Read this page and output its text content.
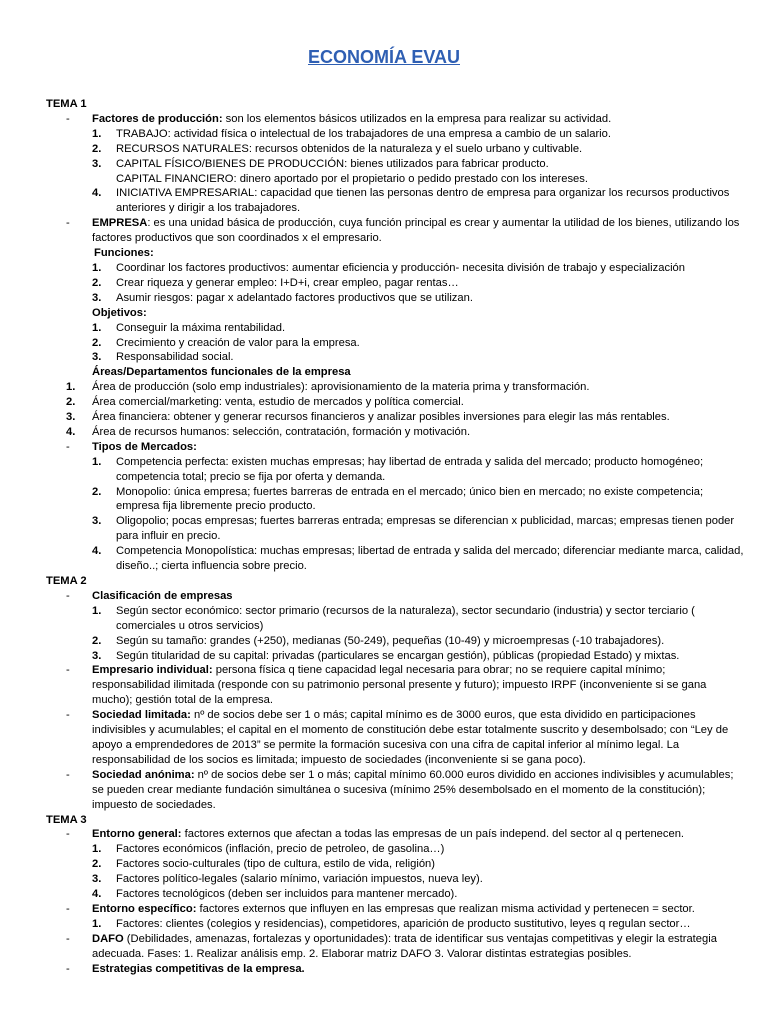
ECONOMÍA EVAU
TEMA 1
- Factores de producción: son los elementos básicos utilizados en la empresa para realizar su actividad.
1. TRABAJO: actividad física o intelectual de los trabajadores de una empresa a cambio de un salario.
2. RECURSOS NATURALES: recursos obtenidos de la naturaleza y el suelo urbano y cultivable.
3. CAPITAL FÍSICO/BIENES DE PRODUCCIÓN: bienes utilizados para fabricar producto.
CAPITAL FINANCIERO: dinero aportado por el propietario o pedido prestado con los intereses.
4. INICIATIVA EMPRESARIAL: capacidad que tienen las personas dentro de empresa para organizar los recursos productivos anteriores y dirigir a los trabajadores.
- EMPRESA: es una unidad básica de producción, cuya función principal es crear y aumentar la utilidad de los bienes, utilizando los factores productivos que son coordinados x el empresario.
Funciones:
1. Coordinar los factores productivos: aumentar eficiencia y producción- necesita división de trabajo y especialización
2. Crear riqueza y generar empleo: I+D+i, crear empleo, pagar rentas…
3. Asumir riesgos: pagar x adelantado factores productivos que se utilizan.
Objetivos:
1. Conseguir la máxima rentabilidad.
2. Crecimiento y creación de valor para la empresa.
3. Responsabilidad social.
Áreas/Departamentos funcionales de la empresa
1. Área de producción (solo emp industriales): aprovisionamiento de la materia prima y transformación.
2. Área comercial/marketing: venta, estudio de mercados y política comercial.
3. Área financiera: obtener y generar recursos financieros y analizar posibles inversiones para elegir las más rentables.
4. Área de recursos humanos: selección, contratación, formación y motivación.
- Tipos de Mercados:
1. Competencia perfecta: existen muchas empresas; hay libertad de entrada y salida del mercado; producto homogéneo; competencia total; precio se fija por oferta y demanda.
2. Monopolio: única empresa; fuertes barreras de entrada en el mercado; único bien en mercado; no existe competencia; empresa fija libremente precio producto.
3. Oligopolio; pocas empresas; fuertes barreras entrada; empresas se diferencian x publicidad, marcas; empresas tienen poder para influir en precio.
4. Competencia Monopolística: muchas empresas; libertad de entrada y salida del mercado; diferenciar mediante marca, calidad, diseño..; cierta influencia sobre precio.
TEMA 2
- Clasificación de empresas
1. Según sector económico: sector primario (recursos de la naturaleza), sector secundario (industria) y sector terciario ( comerciales u otros servicios)
2. Según su tamaño: grandes (+250), medianas (50-249), pequeñas (10-49) y microempresas (-10 trabajadores).
3. Según titularidad de su capital: privadas (particulares se encargan gestión), públicas (propiedad Estado) y mixtas.
- Empresario individual: persona física q tiene capacidad legal necesaria para obrar; no se requiere capital mínimo; responsabilidad ilimitada (responde con su patrimonio personal presente y futuro); impuesto IRPF (inconveniente si se gana mucho); gestión total de la empresa.
- Sociedad limitada: nº de socios debe ser 1 o más; capital mínimo es de 3000 euros, que esta dividido en participaciones indivisibles y acumulables; el capital en el momento de constitución debe estar totalmente suscrito y desembolsado; con “Ley de apoyo a emprendedores de 2013” se permite la formación sucesiva con una cifra de capital inferior al mínimo legal. La responsabilidad de los socios es limitada; impuesto de sociedades (inconveniente si se gana poco).
- Sociedad anónima: nº de socios debe ser 1 o más; capital mínimo 60.000 euros dividido en acciones indivisibles y acumulables; se pueden crear mediante fundación simultánea o sucesiva (mínimo 25% desembolsado en el momento de la constitución); impuesto de sociedades.
TEMA 3
- Entorno general: factores externos que afectan a todas las empresas de un país independ. del sector al q pertenecen.
1. Factores económicos (inflación, precio de petroleo, de gasolina…)
2. Factores socio-culturales (tipo de cultura, estilo de vida, religión)
3. Factores político-legales (salario mínimo, variación impuestos, nueva ley).
4. Factores tecnológicos (deben ser incluidos para mantener mercado).
- Entorno específico: factores externos que influyen en las empresas que realizan misma actividad y pertenecen = sector.
1. Factores: clientes (colegios y residencias), competidores, aparición de producto sustitutivo, leyes q regulan sector…
- DAFO (Debilidades, amenazas, fortalezas y oportunidades): trata de identificar sus ventajas competitivas y elegir la estrategia adecuada. Fases: 1. Realizar análisis emp. 2. Elaborar matriz DAFO 3. Valorar distintas estrategias posibles.
- Estrategias competitivas de la empresa.
